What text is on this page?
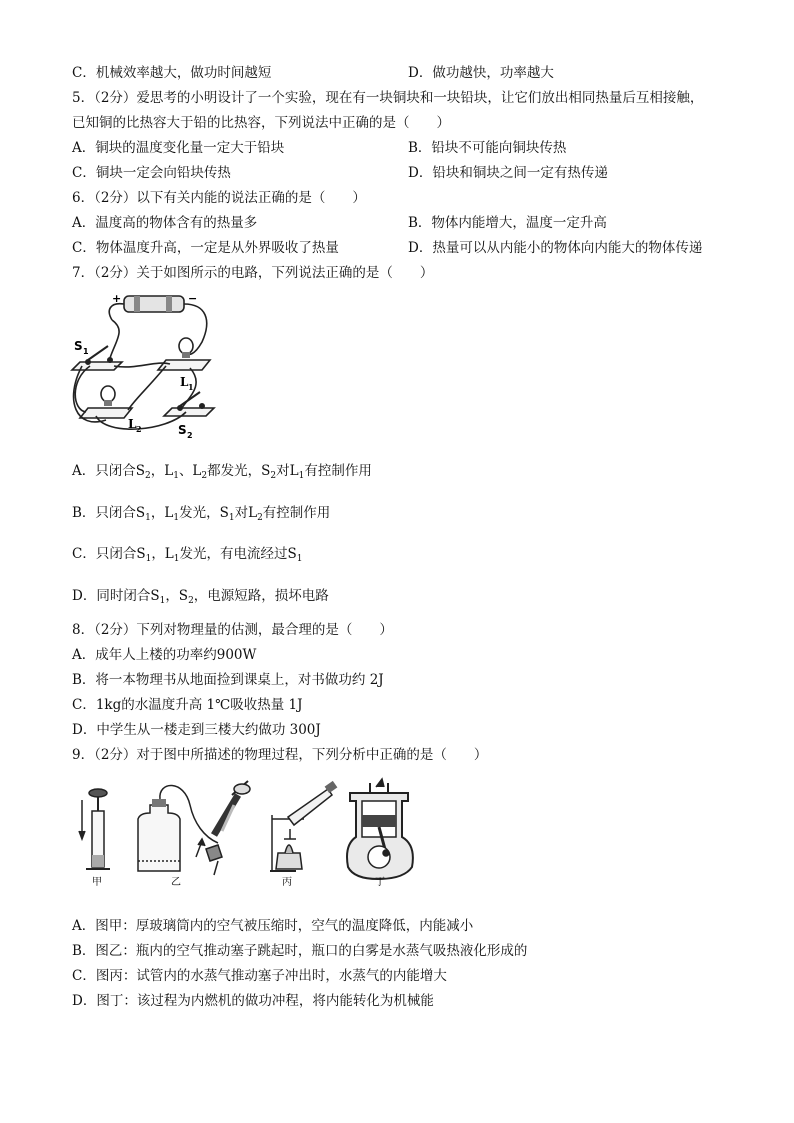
C．机械效率越大，做功时间越短	D．做功越快，功率越大
5．（2分）爱思考的小明设计了一个实验，现在有一块铜块和一块铅块，让它们放出相同热量后互相接触，
已知铜的比热容大于铅的比热容，下列说法中正确的是（　　）
A．铜块的温度变化量一定大于铅块	B．铅块不可能向铜块传热
C．铜块一定会向铅块传热	D．铅块和铜块之间一定有热传递
6．（2分）以下有关内能的说法正确的是（　　）
A．温度高的物体含有的热量多	B．物体内能增大，温度一定升高
C．物体温度升高，一定是从外界吸收了热量	D．热量可以从内能小的物体向内能大的物体传递
7．（2分）关于如图所示的电路，下列说法正确的是（　　）
S 1
L 1
L 2	S 2
+	−
A．只闭合$S_2$，$L_1$、$L_2$都发光，$S_2$对$L_1$有控制作用
B．只闭合$S_1$，$L_1$发光，$S_1$对$L_2$有控制作用
C．只闭合$S_1$，$L_1$发光，有电流经过$S_1$
D．同时闭合$S_1$，$S_2$，电源短路，损坏电路
8．（2分）下列对物理量的估测，最合理的是（　　）
A．成年人上楼的功率约900W
B．将一本物理书从地面捡到课桌上，对书做功约 2J
C．1kg的水温度升高 1℃吸收热量 1J
D．中学生从一楼走到三楼大约做功 300J
9．（2分）对于图中所描述的物理过程，下列分析中正确的是（　　）
甲	乙	丙	丁
A．图甲：厚玻璃筒内的空气被压缩时，空气的温度降低，内能减小
B．图乙：瓶内的空气推动塞子跳起时，瓶口的白雾是水蒸气吸热液化形成的
C．图丙：试管内的水蒸气推动塞子冲出时，水蒸气的内能增大
D．图丁：该过程为内燃机的做功冲程，将内能转化为机械能
